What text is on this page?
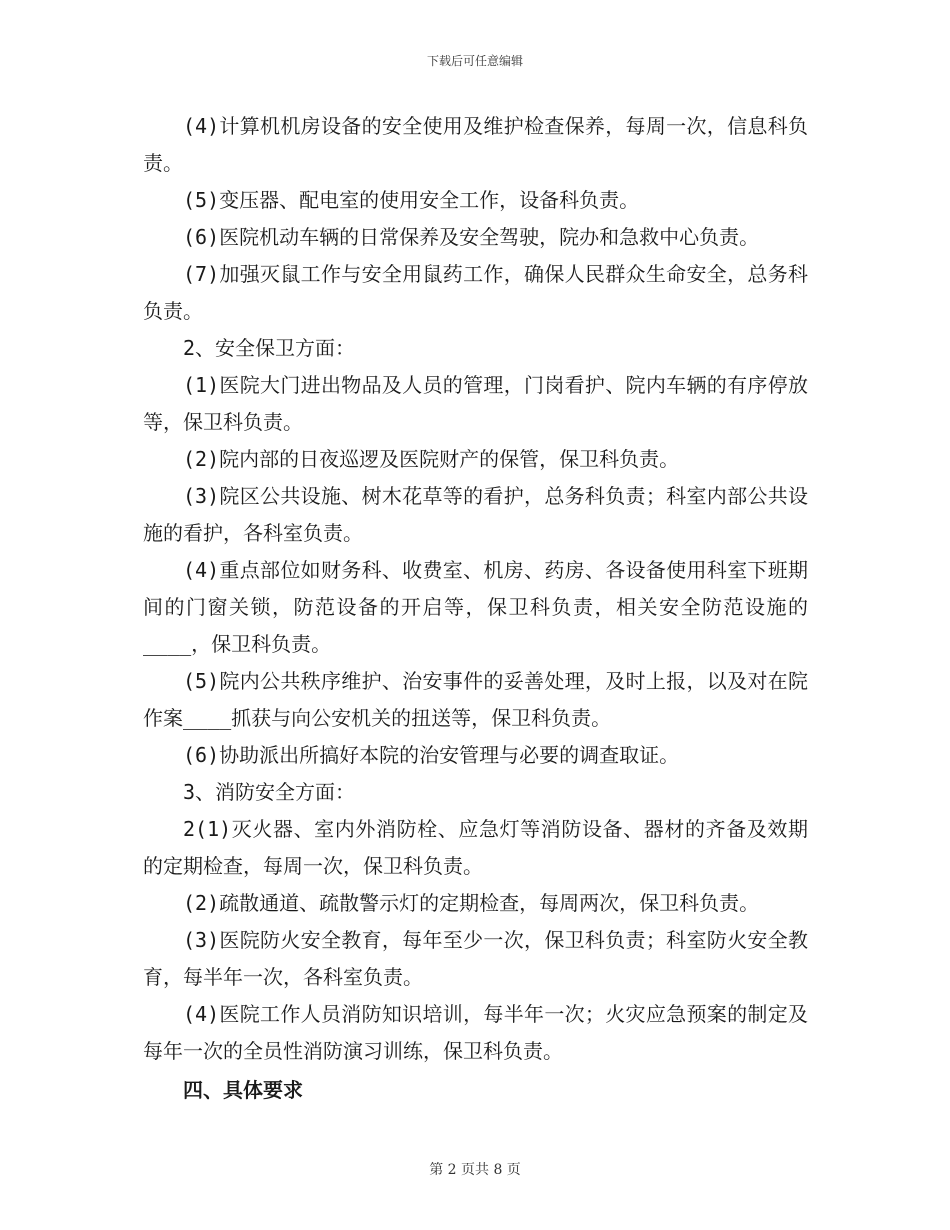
下载后可任意编辑

(4)计算机机房设备的安全使用及维护检查保养，每周一次，信息科负责。

(5)变压器、配电室的使用安全工作，设备科负责。

(6)医院机动车辆的日常保养及安全驾驶，院办和急救中心负责。

(7)加强灭鼠工作与安全用鼠药工作，确保人民群众生命安全，总务科负责。

2、安全保卫方面：

(1)医院大门进出物品及人员的管理，门岗看护、院内车辆的有序停放等，保卫科负责。

(2)院内部的日夜巡逻及医院财产的保管，保卫科负责。

(3)院区公共设施、树木花草等的看护，总务科负责；科室内部公共设施的看护，各科室负责。

(4)重点部位如财务科、收费室、机房、药房、各设备使用科室下班期间的门窗关锁，防范设备的开启等，保卫科负责，相关安全防范设施的____，保卫科负责。

(5)院内公共秩序维护、治安事件的妥善处理，及时上报，以及对在院作案____抓获与向公安机关的扭送等，保卫科负责。

(6)协助派出所搞好本院的治安管理与必要的调查取证。

3、消防安全方面：

2(1)灭火器、室内外消防栓、应急灯等消防设备、器材的齐备及效期的定期检查，每周一次，保卫科负责。

(2)疏散通道、疏散警示灯的定期检查，每周两次，保卫科负责。

(3)医院防火安全教育，每年至少一次，保卫科负责；科室防火安全教育，每半年一次，各科室负责。

(4)医院工作人员消防知识培训，每半年一次；火灾应急预案的制定及每年一次的全员性消防演习训练，保卫科负责。

四、具体要求

第 2 页共 8 页
